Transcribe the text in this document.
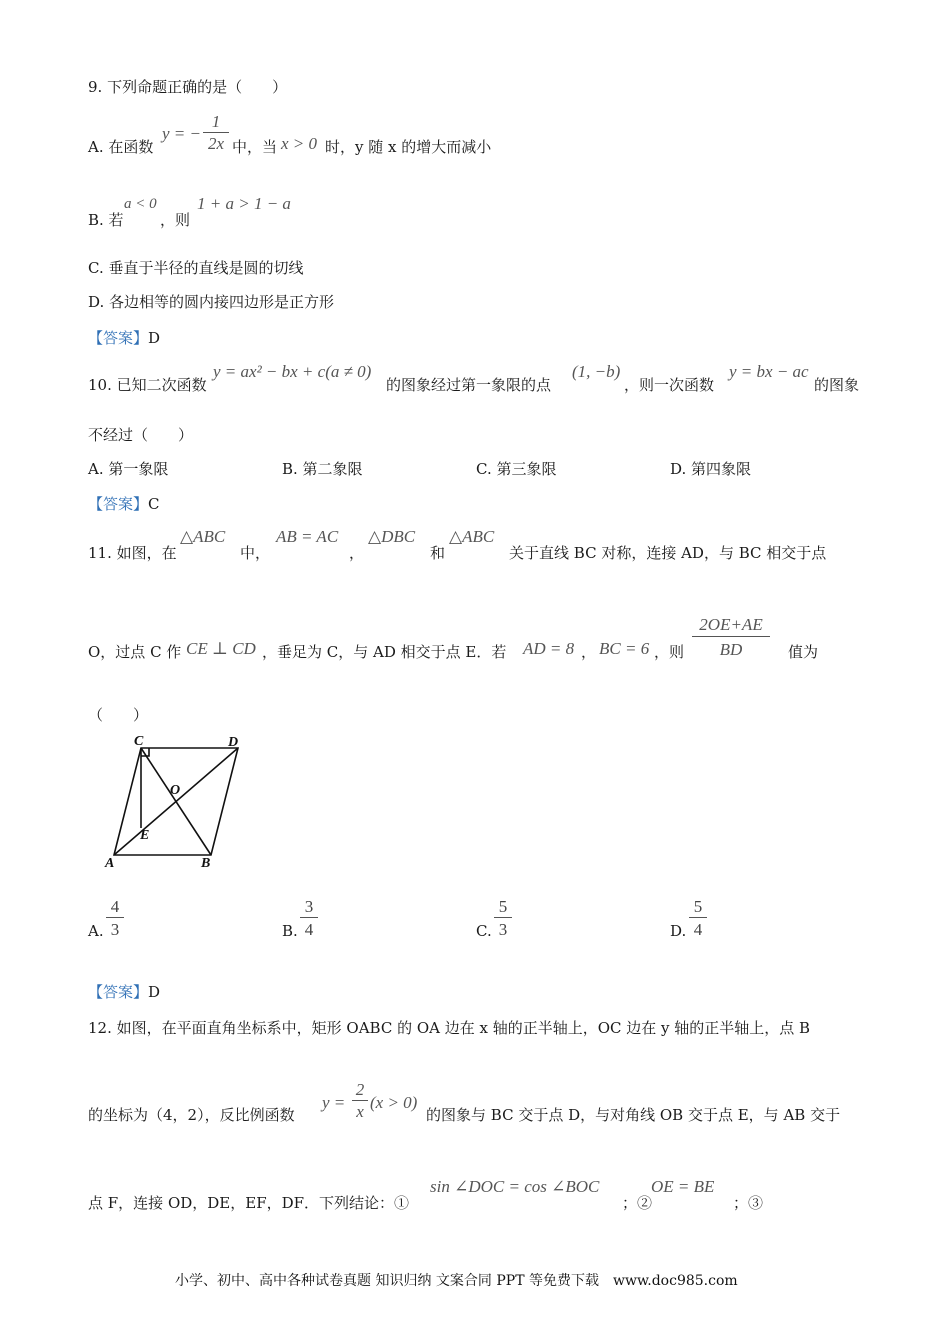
9. 下列命题正确的是（　　）
A. 在函数
y = − $\frac{1}{2x}$ 中，当 x > 0 时，y 随 x 的增大而减小
B. 若
a < 0
，则
1 + a > 1 − a
C. 垂直于半径的直线是圆的切线
D. 各边相等的圆内接四边形是正方形
【答案】D
10. 已知二次函数
y = ax² − bx + c(a ≠ 0)
的图象经过第一象限的点
(1, −b)
，则一次函数
y = bx − ac
的图象
不经过（　　）
A. 第一象限	B. 第二象限	C. 第三象限	D. 第四象限
【答案】C
11. 如图，在
△ABC
中，
AB = AC
，
△DBC
和
△ABC
关于直线 BC 对称，连接 AD，与 BC 相交于点
O，过点 C 作 CE ⊥ CD ，垂足为 C，与 AD 相交于点 E．若 AD = 8 ， BC = 6 ，则 $\frac{2OE+AE}{BD}$ 值为
（　　）
C	D
O
E
A	B
A. $\frac{4}{3}$	B. $\frac{3}{4}$	C. $\frac{5}{3}$	D. $\frac{5}{4}$
【答案】D
12. 如图，在平面直角坐标系中，矩形 OABC 的 OA 边在 x 轴的正半轴上，OC 边在 y 轴的正半轴上，点 B
的坐标为（4，2），反比例函数
$y = \frac{2}{x} (x > 0)$
的图象与 BC 交于点 D，与对角线 OB 交于点 E，与 AB 交于
点 F，连接 OD，DE，EF，DF．下列结论：①
sin ∠DOC = cos ∠BOC
；②
OE = BE
；③
小学、初中、高中各种试卷真题 知识归纳 文案合同 PPT 等免费下载　www.doc985.com
